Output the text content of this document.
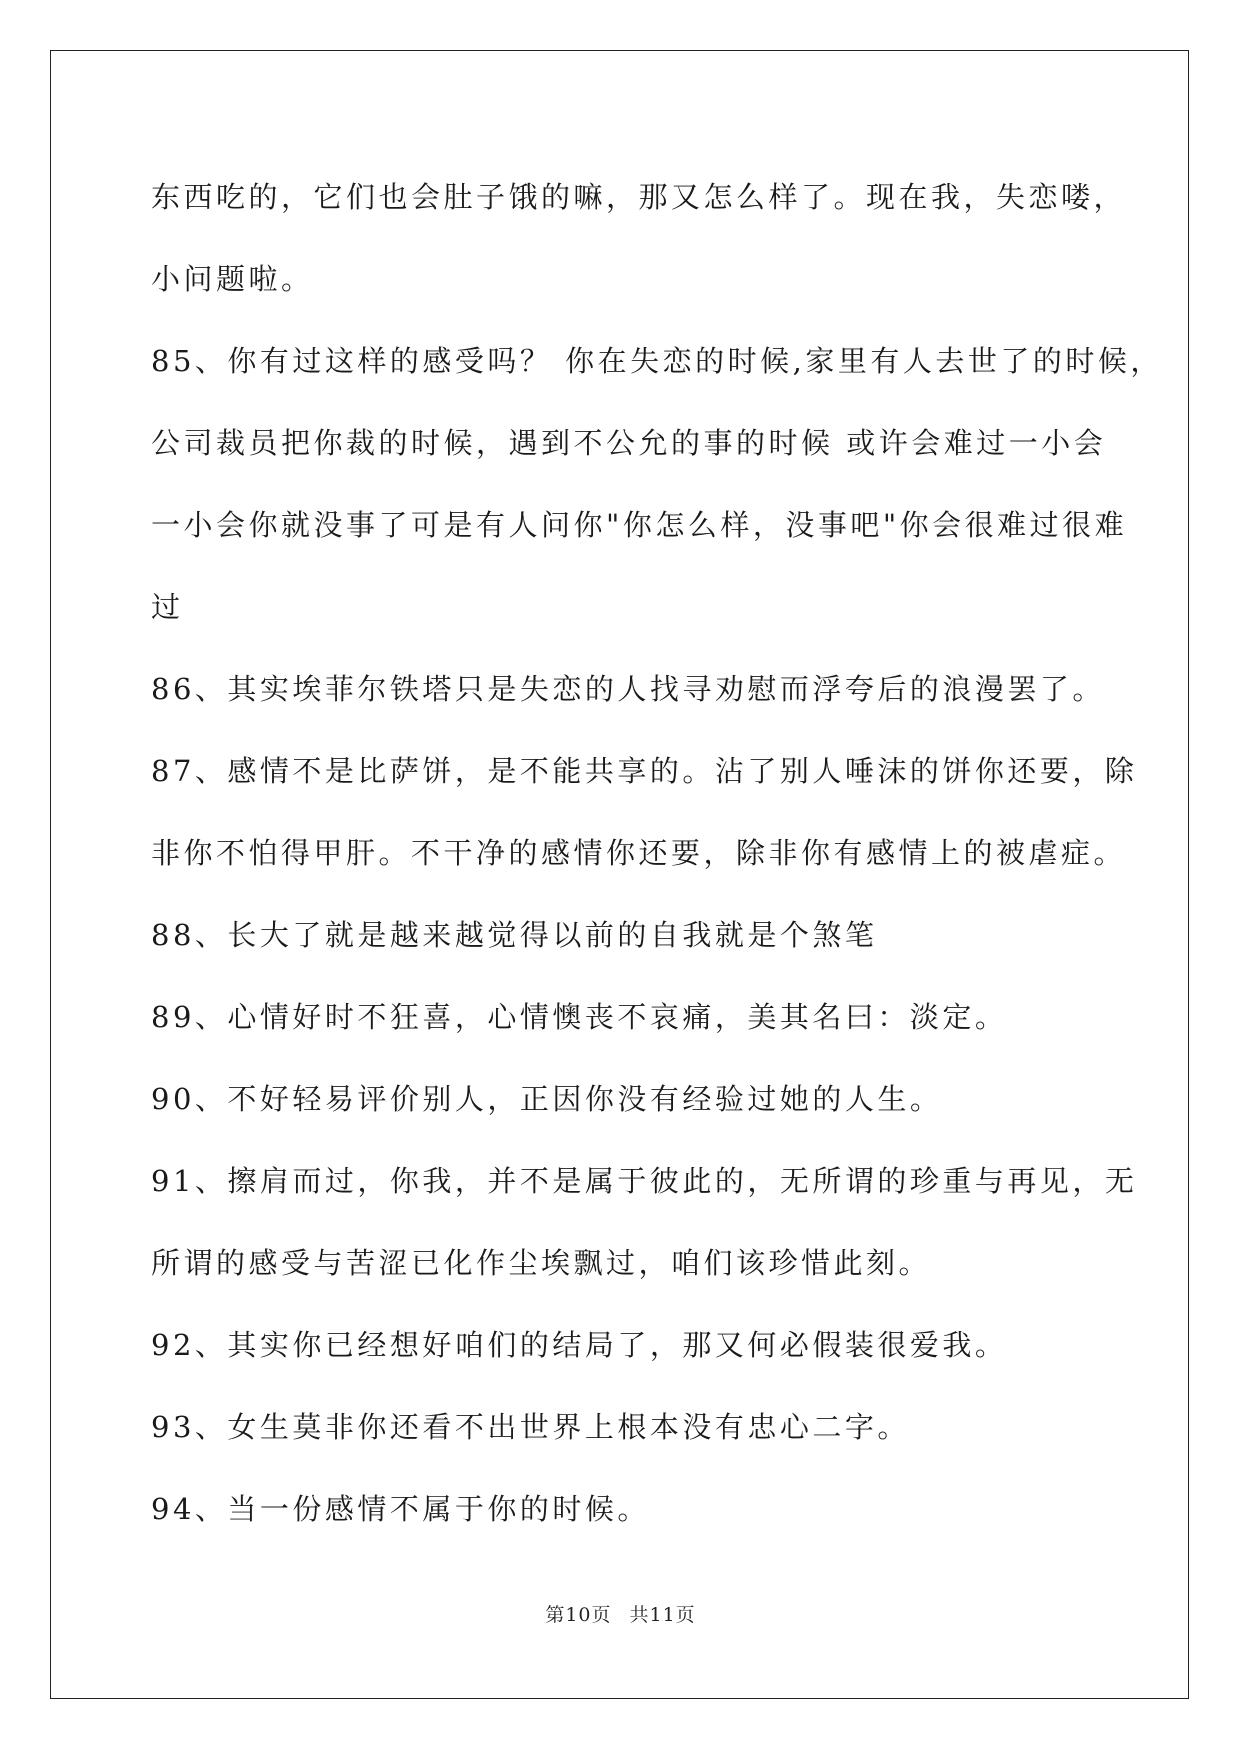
东西吃的，它们也会肚子饿的嘛，那又怎么样了。现在我，失恋喽，

小问题啦。

85、你有过这样的感受吗？ 你在失恋的时候,家里有人去世了的时候，

公司裁员把你裁的时候，遇到不公允的事的时候 或许会难过一小会

一小会你就没事了可是有人问你"你怎么样，没事吧"你会很难过很难

过

86、其实埃菲尔铁塔只是失恋的人找寻劝慰而浮夸后的浪漫罢了。

87、感情不是比萨饼，是不能共享的。沾了别人唾沫的饼你还要，除

非你不怕得甲肝。不干净的感情你还要，除非你有感情上的被虐症。

88、长大了就是越来越觉得以前的自我就是个煞笔

89、心情好时不狂喜，心情懊丧不哀痛，美其名曰：淡定。

90、不好轻易评价别人，正因你没有经验过她的人生。

91、擦肩而过，你我，并不是属于彼此的，无所谓的珍重与再见，无

所谓的感受与苦涩已化作尘埃飘过，咱们该珍惜此刻。

92、其实你已经想好咱们的结局了，那又何必假装很爱我。

93、女生莫非你还看不出世界上根本没有忠心二字。

94、当一份感情不属于你的时候。

第10页 共11页
